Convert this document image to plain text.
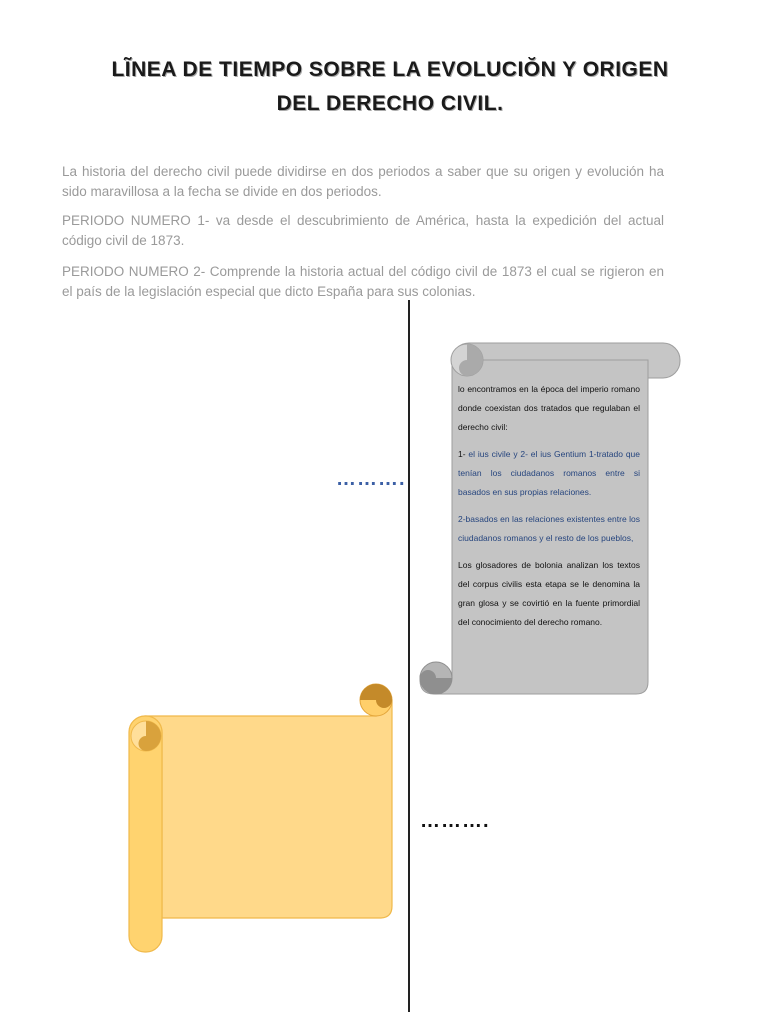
LĨNEA DE TIEMPO SOBRE LA EVOLUCIŎN Y ORIGEN
DEL DERECHO CIVIL.

La historia del derecho civil puede dividirse en dos periodos a saber que su origen y evolución ha sido maravillosa a la fecha se divide en dos periodos.

PERIODO NUMERO 1- va desde el descubrimiento de América, hasta la expedición del actual código civil de 1873.

PERIODO NUMERO 2- Comprende la historia actual del código civil de 1873 el cual se rigieron en el país de la legislación especial que dicto España para sus colonias.

……….
……….

lo encontramos en la época del imperio romano donde coexistan dos tratados que regulaban el derecho civil:

1- el ius civile y 2- el ius Gentium 1-tratado que tenían los ciudadanos romanos entre si basados en sus propias relaciones.

2-basados en las relaciones existentes entre los ciudadanos romanos y el resto de los pueblos,

Los glosadores de bolonia analizan los textos del corpus civilis esta etapa se le denomina la gran glosa y se covirtió en la fuente primordial del conocimiento del derecho romano.
